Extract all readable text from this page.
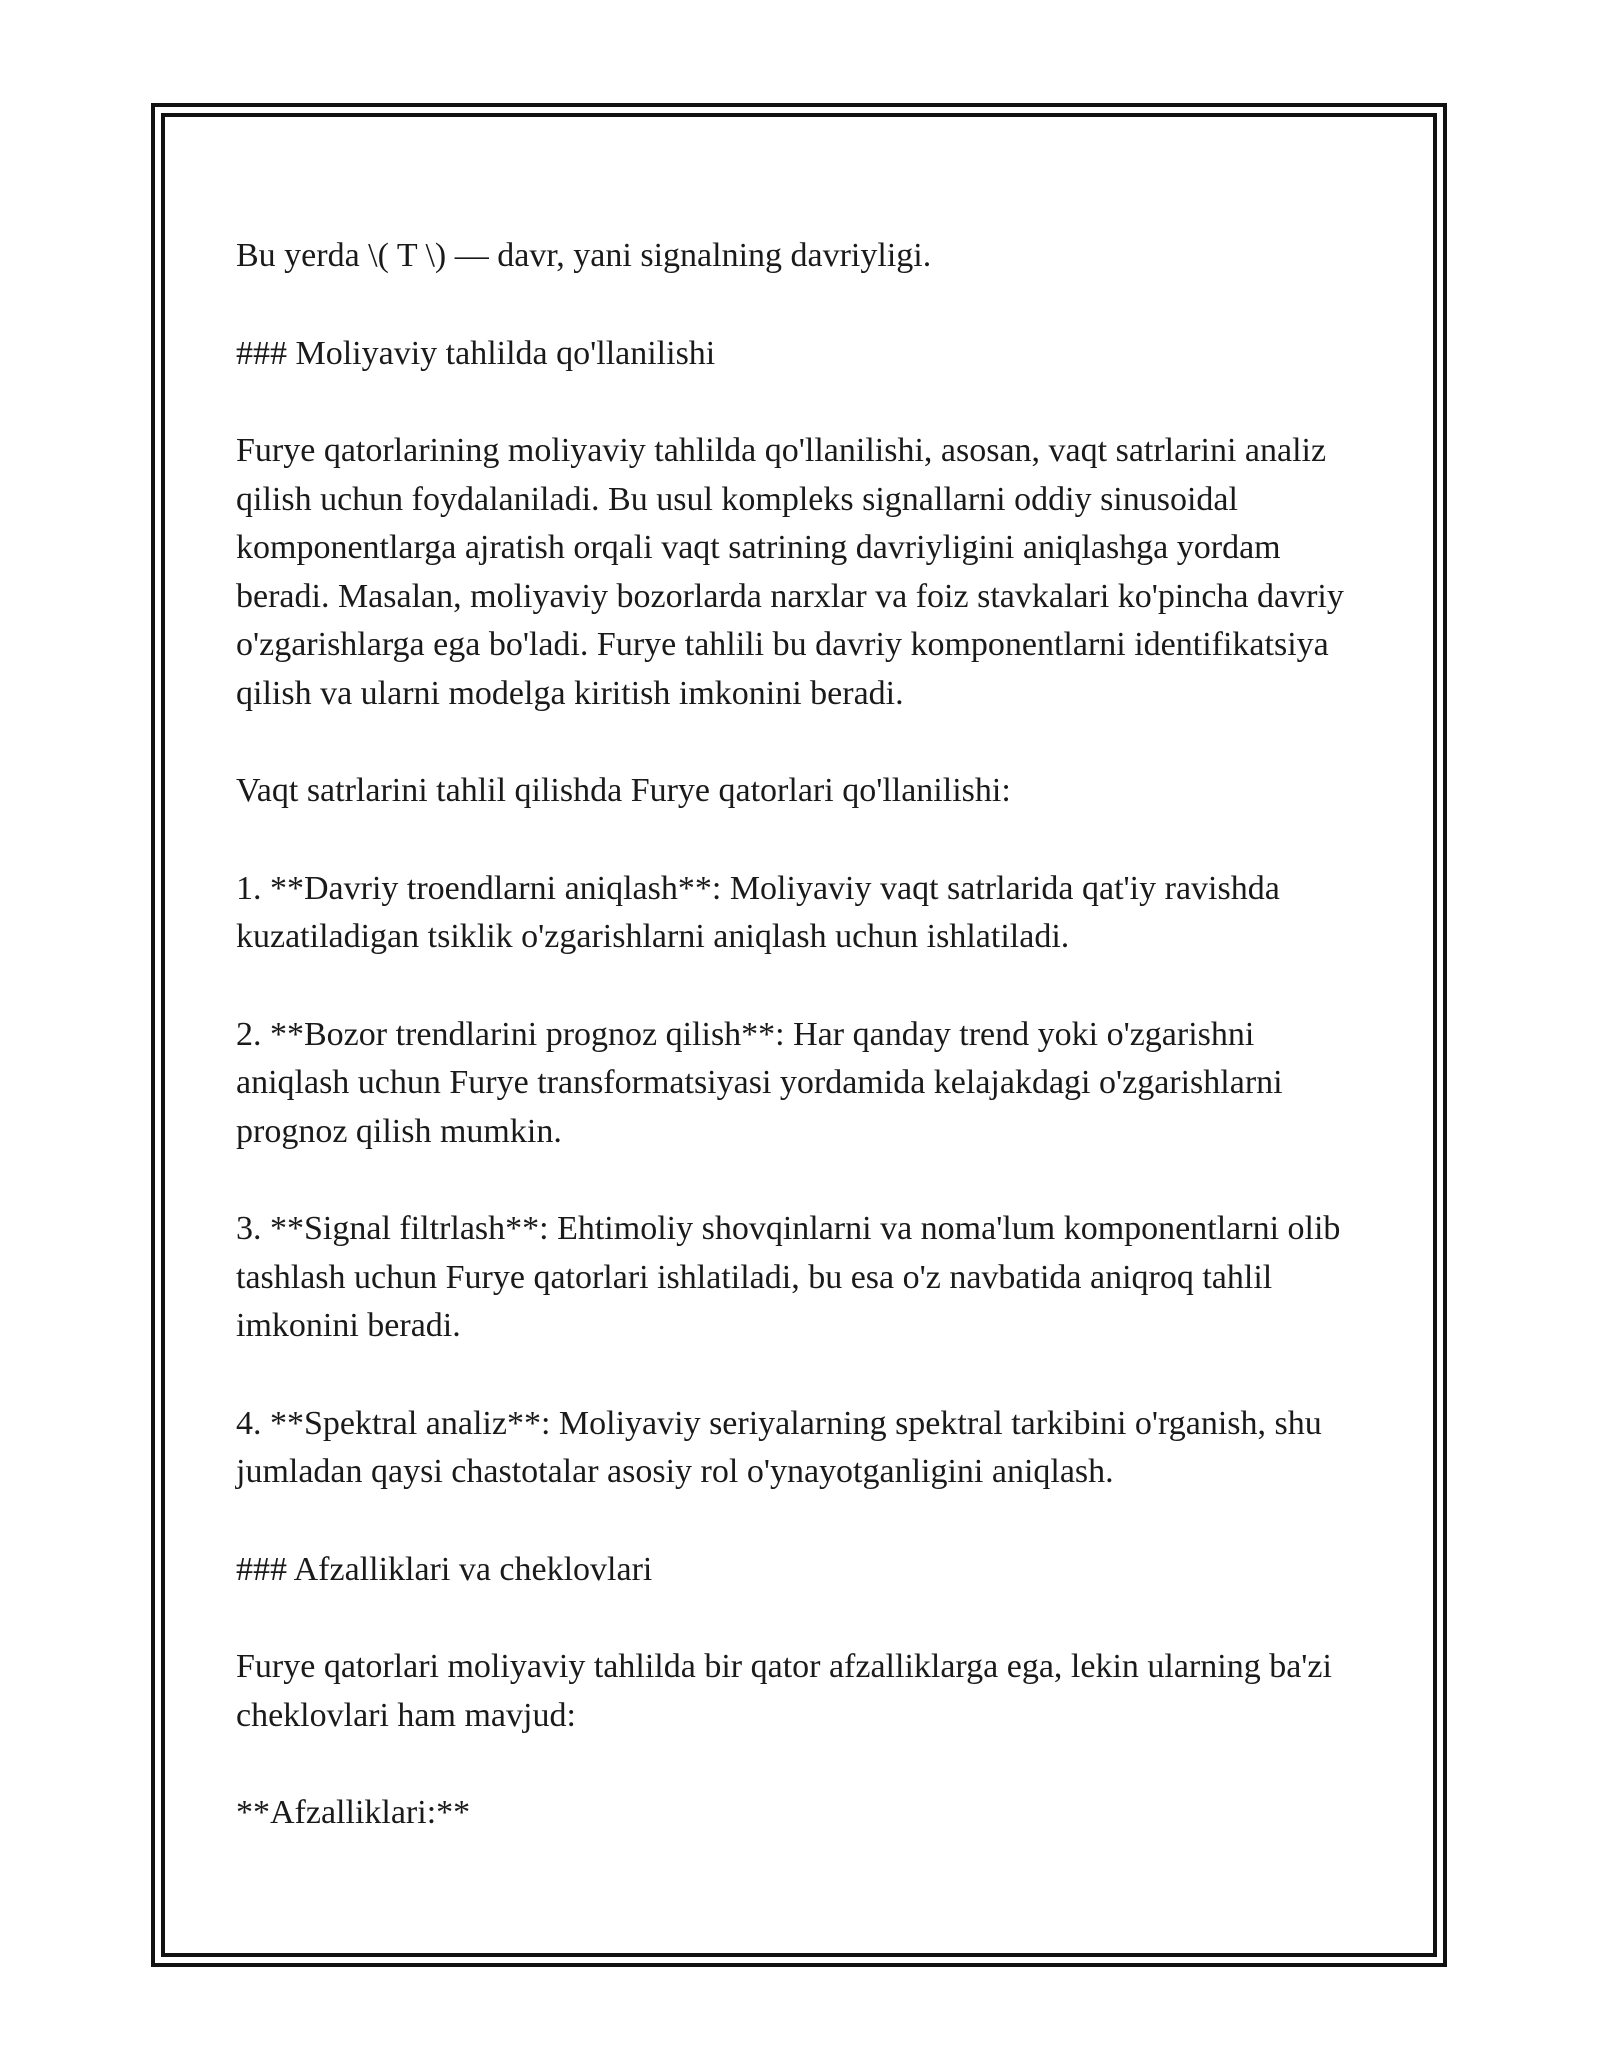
Bu yerda \( T \) — davr, yani signalning davriyligi.

### Moliyaviy tahlilda qo'llanilishi

Furye qatorlarining moliyaviy tahlilda qo'llanilishi, asosan, vaqt satrlarini analiz qilish uchun foydalaniladi. Bu usul kompleks signallarni oddiy sinusoidal komponentlarga ajratish orqali vaqt satrining davriyligini aniqlashga yordam beradi. Masalan, moliyaviy bozorlarda narxlar va foiz stavkalari ko'pincha davriy o'zgarishlarga ega bo'ladi. Furye tahlili bu davriy komponentlarni identifikatsiya qilish va ularni modelga kiritish imkonini beradi.

Vaqt satrlarini tahlil qilishda Furye qatorlari qo'llanilishi:

1. **Davriy troendlarni aniqlash**: Moliyaviy vaqt satrlarida qat'iy ravishda kuzatiladigan tsiklik o'zgarishlarni aniqlash uchun ishlatiladi.

2. **Bozor trendlarini prognoz qilish**: Har qanday trend yoki o'zgarishni aniqlash uchun Furye transformatsiyasi yordamida kelajakdagi o'zgarishlarni prognoz qilish mumkin.

3. **Signal filtrlash**: Ehtimoliy shovqinlarni va noma'lum komponentlarni olib tashlash uchun Furye qatorlari ishlatiladi, bu esa o'z navbatida aniqroq tahlil imkonini beradi.

4. **Spektral analiz**: Moliyaviy seriyalarning spektral tarkibini o'rganish, shu jumladan qaysi chastotalar asosiy rol o'ynayotganligini aniqlash.

### Afzalliklari va cheklovlari

Furye qatorlari moliyaviy tahlilda bir qator afzalliklarga ega, lekin ularning ba'zi cheklovlari ham mavjud:

**Afzalliklari:**
